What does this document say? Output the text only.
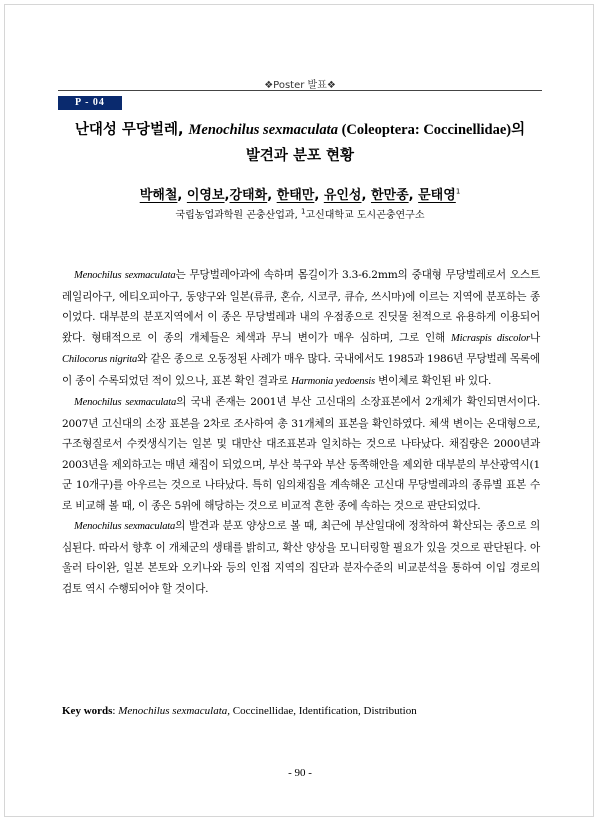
❖Poster 발표❖
P - 04
난대성 무당벌레, Menochilus sexmaculata (Coleoptera: Coccinellidae)의
발견과 분포 현황
박해철, 이영보,강태화, 한태만, 유인성, 한만종, 문태영$^1$
국립농업과학원 곤충산업과, $^1$고신대학교 도시곤충연구소

Menochilus sexmaculata는 무당벌레아과에 속하며 몸길이가 3.3-6.2mm의 중대형 무당벌레로서 오스트레일리아구, 에티오피아구, 동양구와 일본(류큐, 혼슈, 시코쿠, 큐슈, 쓰시마)에 이르는 지역에 분포하는 종이었다. 대부분의 분포지역에서 이 종은 무당벌레과 내의 우점종으로 진딧물 천적으로 유용하게 이용되어 왔다. 형태적으로 이 종의 개체들은 체색과 무늬 변이가 매우 심하며, 그로 인해 Micraspis discolor나 Chilocorus nigrita와 같은 종으로 오동정된 사례가 매우 많다. 국내에서도 1985과 1986년 무당벌레 목록에 이 종이 수록되었던 적이 있으나, 표본 확인 결과로 Harmonia yedoensis 변이체로 확인된 바 있다.

Menochilus sexmaculata의 국내 존재는 2001년 부산 고신대의 소장표본에서 2개체가 확인되면서이다. 2007년 고신대의 소장 표본을 2차로 조사하여 총 31개체의 표본을 확인하였다. 체색 변이는 온대형으로, 구조형질로서 수컷생식기는 일본 및 대만산 대조표본과 일치하는 것으로 나타났다. 채집량은 2000년과 2003년을 제외하고는 매년 채집이 되었으며, 부산 북구와 부산 동쪽해안을 제외한 대부분의 부산광역시(1군 10개구)를 아우르는 것으로 나타났다. 특히 임의채집을 계속해온 고신대 무당벌레과의 종류별 표본 수로 비교해 볼 때, 이 종은 5위에 해당하는 것으로 비교적 흔한 종에 속하는 것으로 판단되었다.

Menochilus sexmaculata의 발견과 분포 양상으로 볼 때, 최근에 부산일대에 정착하여 확산되는 종으로 의심된다. 따라서 향후 이 개체군의 생태를 밝히고, 확산 양상을 모니터링할 필요가 있을 것으로 판단된다. 아울러 타이완, 일본 본토와 오키나와 등의 인접 지역의 집단과 분자수준의 비교분석을 통하여 이입 경로의 검토 역시 수행되어야 할 것이다.

Key words: Menochilus sexmaculata, Coccinellidae, Identification, Distribution
- 90 -
